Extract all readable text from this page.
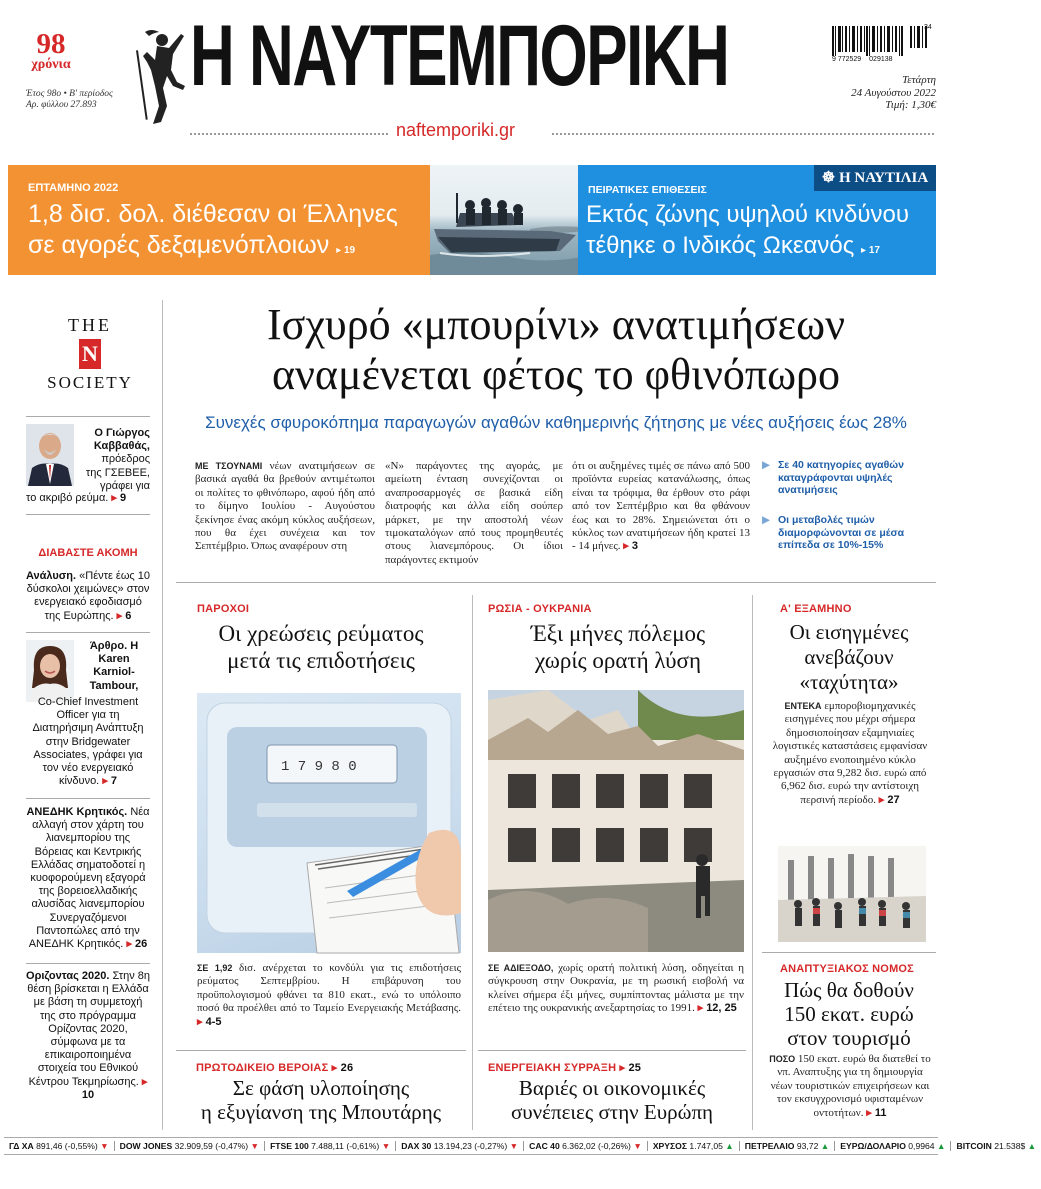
98
χρόνια
Έτος 98ο • Β' περίοδος
Αρ. φύλλου 27.893
Η ΝΑΥΤΕΜΠΟΡΙΚΗ
naftemporiki.gr
34
9 772529 029138
Τετάρτη
24 Αυγούστου 2022
Τιμή: 1,30€
ΕΠΤΑΜΗΝΟ 2022
1,8 δισ. δολ. διέθεσαν οι Έλληνες
σε αγορές δεξαμενόπλοιων ▸ 19
☸ Η ΝΑΥΤΙΛΙΑ
ΠΕΙΡΑΤΙΚΕΣ ΕΠΙΘΕΣΕΙΣ
Εκτός ζώνης υψηλού κινδύνου
τέθηκε ο Ινδικός Ωκεανός ▸ 17
THE
N
SOCIETY
Ο Γιώργος Καββαθάς,
πρόεδρος
της ΓΣΕΒΕΕ,
γράφει για
το ακριβό ρεύμα. ▸ 9
ΔΙΑΒΑΣΤΕ ΑΚΟΜΗ
Ανάλυση. «Πέντε έως 10 δύσκολοι χειμώνες» στον ενεργειακό εφοδιασμό της Ευρώπης. ▸ 6
Άρθρο. Η Karen Karniol-Tambour,
Co-Chief Investment Officer για τη Διατηρήσιμη Ανάπτυξη στην Bridgewater Associates, γράφει για τον νέο ενεργειακό κίνδυνο. ▸ 7
ΑΝΕΔΗΚ Κρητικός. Νέα αλλαγή στον χάρτη του λιανεμπορίου της Βόρειας και Κεντρικής Ελλάδας σηματοδοτεί η κυοφορούμενη εξαγορά της βορειοελλαδικής αλυσίδας λιανεμπορίου Συνεργαζόμενοι Παντοπώλες από την ΑΝΕΔΗΚ Κρητικός. ▸ 26
Οριζοντας 2020. Στην 8η θέση βρίσκεται η Ελλάδα με βάση τη συμμετοχή της στο πρόγραμμα Ορίζοντας 2020, σύμφωνα με τα επικαιροποιημένα στοιχεία του Εθνικού Κέντρου Τεκμηρίωσης. ▸ 10
Ισχυρό «μπουρίνι» ανατιμήσεων
αναμένεται φέτος το φθινόπωρο
Συνεχές σφυροκόπημα παραγωγών αγαθών καθημερινής ζήτησης με νέες αυξήσεις έως 28%
ΜΕ ΤΣΟΥΝΑΜΙ νέων ανατιμήσεων σε βασικά αγαθά θα βρεθούν αντιμέτωποι οι πολίτες το φθινόπωρο, αφού ήδη από το δίμηνο Ιουλίου - Αυγούστου ξεκίνησε ένας ακόμη κύκλος αυξήσεων, που θα έχει συνέχεια και τον Σεπτέμβριο. Όπως αναφέρουν στη
«Ν» παράγοντες της αγοράς, με αμείωτη ένταση συνεχίζονται οι αναπροσαρμογές σε βασικά είδη διατροφής και άλλα είδη σούπερ μάρκετ, με την αποστολή νέων τιμοκαταλόγων από τους προμηθευτές στους λιανεμπόρους. Οι ίδιοι παράγοντες εκτιμούν
ότι οι αυξημένες τιμές σε πάνω από 500 προϊόντα ευρείας κατανάλωσης, όπως είναι τα τρόφιμα, θα έρθουν στο ράφι από τον Σεπτέμβριο και θα φθάνουν έως και το 28%. Σημειώνεται ότι ο κύκλος των ανατιμήσεων ήδη κρατεί 13 - 14 μήνες. ▸ 3
▶ Σε 40 κατηγορίες αγαθών καταγράφονται υψηλές ανατιμήσεις
▶ Οι μεταβολές τιμών διαμορφώνονται σε μέσα επίπεδα σε 10%-15%
ΠΑΡΟΧΟΙ
Οι χρεώσεις ρεύματος
μετά τις επιδοτήσεις
1 7 9 8 0
ΣΕ 1,92 δισ. ανέρχεται το κονδύλι για τις επιδοτήσεις ρεύματος Σεπτεμβρίου. Η επιβάρυνση του προϋπολογισμού φθάνει τα 810 εκατ., ενώ το υπόλοιπο ποσό θα προέλθει από το Ταμείο Ενεργειακής Μετάβασης. ▸ 4-5
ΡΩΣΙΑ - ΟΥΚΡΑΝΙΑ
Έξι μήνες πόλεμος
χωρίς ορατή λύση
ΣΕ ΑΔΙΕΞΟΔΟ, χωρίς ορατή πολιτική λύση, οδηγείται η σύγκρουση στην Ουκρανία, με τη ρωσική εισβολή να κλείνει σήμερα έξι μήνες, συμπίπτοντας μάλιστα με την επέτειο της ουκρανικής ανεξαρτησίας το 1991. ▸ 12, 25
Α' ΕΞΑΜΗΝΟ
Οι εισηγμένες
ανεβάζουν
«ταχύτητα»
ΕΝΤΕΚΑ εμποροβιομηχανικές εισηγμένες που μέχρι σήμερα δημοσιοποίησαν εξαμηνιαίες λογιστικές καταστάσεις εμφανίσαν αυξημένο ενοποιημένο κύκλο εργασιών στα 9,282 δισ. ευρώ από 6,962 δισ. ευρώ την αντίστοιχη περσινή περίοδο. ▸ 27
ΑΝΑΠΤΥΞΙΑΚΟΣ ΝΟΜΟΣ
Πώς θα δοθούν
150 εκατ. ευρώ
στον τουρισμό
ΠΟΣΟ 150 εκατ. ευρώ θα διατεθεί το νπ. Αναπτυξης για τη δημιουργία νέων τουριστικών επιχειρήσεων και τον εκσυγχρονισμό υφισταμένων οντοτήτων. ▸ 11
ΠΡΩΤΟΔΙΚΕΙΟ ΒΕΡΟΙΑΣ ▸ 26
Σε φάση υλοποίησης
η εξυγίανση της Μπουτάρης
ΕΝΕΡΓΕΙΑΚΗ ΣΥΡΡΑΞΗ ▸ 25
Βαριές οι οικονομικές
συνέπειες στην Ευρώπη
ΓΔ ΧΑ 891,46 (-0,55%) ▼	DOW JONES 32.909,59 (-0,47%) ▼	FTSE 100 7.488,11 (-0,61%) ▼	DAX 30 13.194,23 (-0,27%) ▼	CAC 40 6.362,02 (-0,26%) ▼	ΧΡΥΣΟΣ 1.747,05 ▲	ΠΕΤΡΕΛΑΙΟ 93,72 ▲	ΕΥΡΩ/ΔΟΛΑΡΙΟ 0,9964 ▲	BITCOIN 21.538$ ▲
